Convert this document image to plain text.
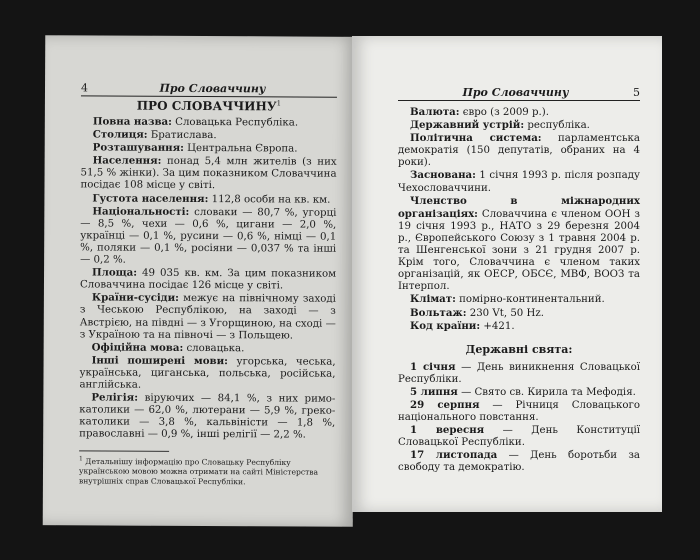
4	Про Словаччину
ПРО СЛОВАЧЧИНУ$^1$

Повна назва: Словацька Республіка.

Столиця: Братислава.

Розташування: Центральна Європа.

Населення: понад 5,4 млн жителів (з них 51,5 % жінки). За цим показником Словаччина посідає 108 місце у світі.

Густота населення: 112,8 особи на кв. км.

Національності: словаки — 80,7 %, угорці — 8,5 %, чехи — 0,6 %, цигани — 2,0 %, українці — 0,1 %, русини — 0,6 %, німці — 0,1 %, поляки — 0,1 %, росіяни — 0,037 % та інші — 0,2 %.

Площа: 49 035 кв. км. За цим показником Словаччина посідає 126 місце у світі.

Країни-сусіди: межує на північному заході з Чеською Республікою, на заході — з Австрією, на півдні — з Угорщиною, на сході — з Україною та на півночі — з Польщею.

Офіційна мова: словацька.

Інші поширені мови: угорська, чеська, українська, циганська, польська, російська, англійська.

Релігія: віруючих — 84,1 %, з них римо-католики — 62,0 %, лютерани — 5,9 %, греко-католики — 3,8 %, кальвіністи — 1,8 %, православні — 0,9 %, інші релігії — 2,2 %.

$^1$ Детальнішу інформацію про Словацьку Республіку українською мовою можна отримати на сайті Міністерства внутрішніх справ Словацької Республіки.
Про Словаччину	5

Валюта: євро (з 2009 р.).

Державний устрій: республіка.

Політична система: парламентська демократія (150 депутатів, обраних на 4 роки).

Заснована: 1 січня 1993 р. після розпаду Чехословаччини.

Членство в міжнародних організаціях: Словаччина є членом ООН з 19 січня 1993 р., НАТО з 29 березня 2004 р., Європейського Союзу з 1 травня 2004 р. та Шенгенської зони з 21 грудня 2007 р. Крім того, Словаччина є членом таких організацій, як ОЕСР, ОБСЄ, МВФ, ВООЗ та Інтерпол.

Клімат: помірно-континентальний.

Вольтаж: 230 Vt, 50 Hz.

Код країни: +421.

Державні свята:

1 січня — День виникнення Словацької Республіки.

5 липня — Свято св. Кирила та Мефодія.

29 серпня — Річниця Словацького національного повстання.

1 вересня — День Конституції Словацької Республіки.

17 листопада — День боротьби за свободу та демократію.
